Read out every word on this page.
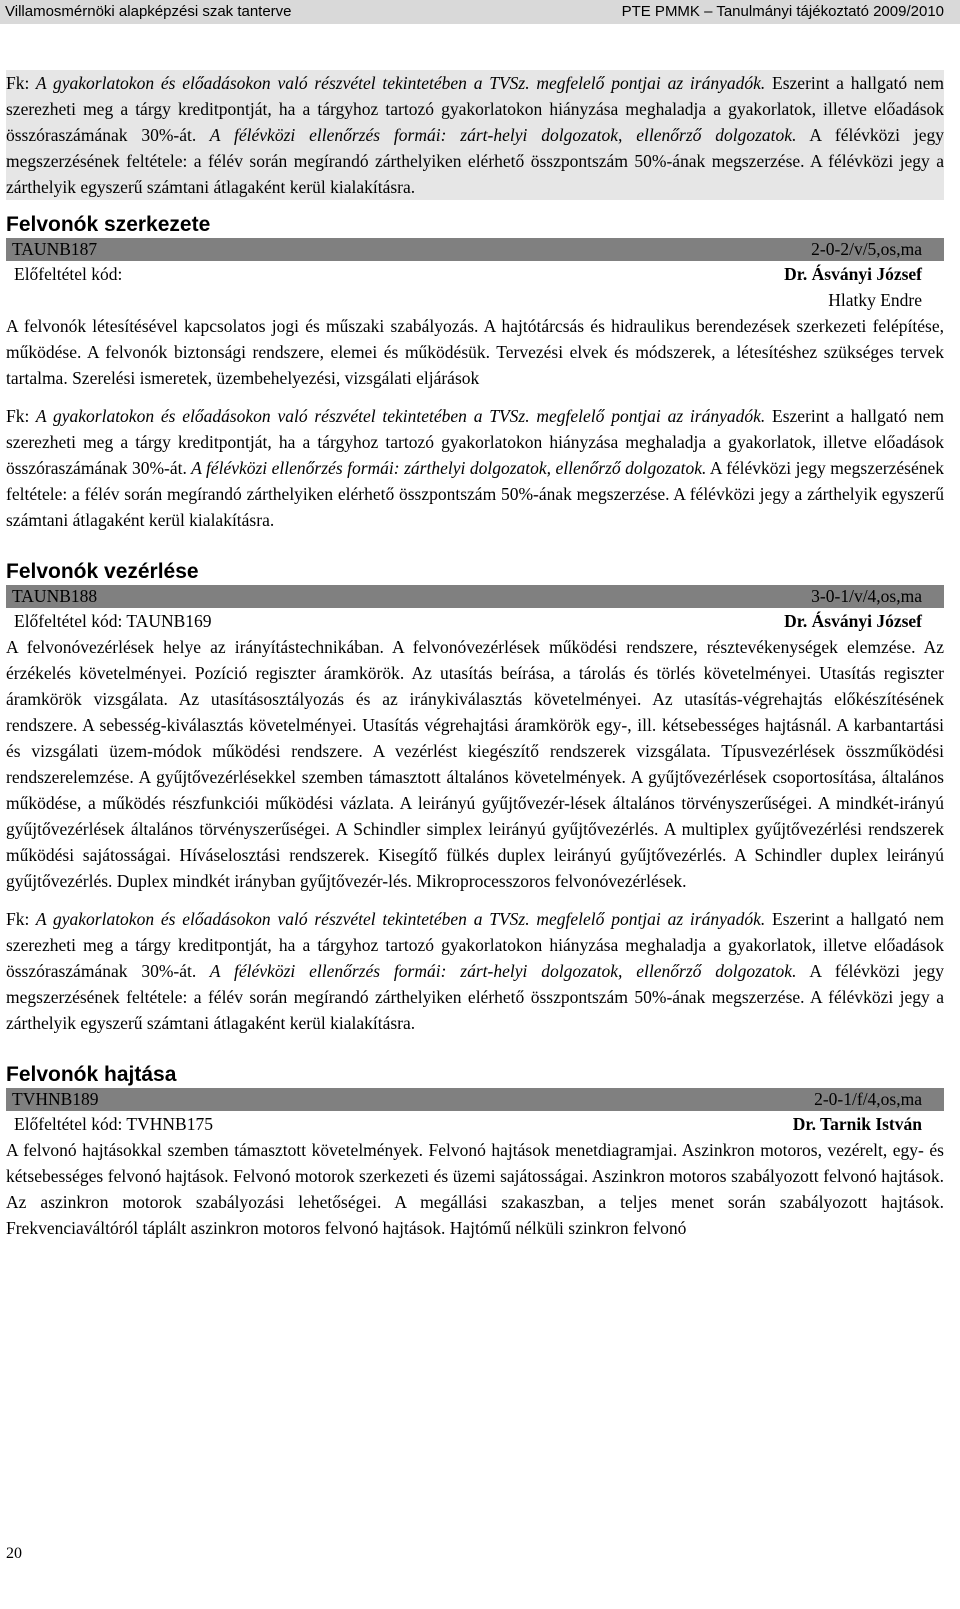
Villamosmérnöki alapképzési szak tanterve	PTE PMMK – Tanulmányi tájékoztató 2009/2010

Fk: A gyakorlatokon és előadásokon való részvétel tekintetében a TVSz. megfelelő pontjai az irányadók. Eszerint a hallgató nem szerezheti meg a tárgy kreditpontját, ha a tárgyhoz tartozó gyakorlatokon hiányzása meghaladja a gyakorlatok, illetve előadások összóraszámának 30%-át. A félévközi ellenőrzés formái: zárt-helyi dolgozatok, ellenőrző dolgozatok. A félévközi jegy megszerzésének feltétele: a félév során megírandó zárthelyiken elérhető összpontszám 50%-ának megszerzése. A félévközi jegy a zárthelyik egyszerű számtani átlagaként kerül kialakításra.

Felvonók szerkezete
TAUNB187	2-0-2/v/5,os,ma
Előfeltétel kód:	Dr. Ásványi József
Hlatky Endre

A felvonók létesítésével kapcsolatos jogi és műszaki szabályozás. A hajtótárcsás és hidraulikus berendezések szerkezeti felépítése, működése. A felvonók biztonsági rendszere, elemei és működésük. Tervezési elvek és módszerek, a létesítéshez szükséges tervek tartalma. Szerelési ismeretek, üzembehelyezési, vizsgálati eljárások

Fk: A gyakorlatokon és előadásokon való részvétel tekintetében a TVSz. megfelelő pontjai az irányadók. Eszerint a hallgató nem szerezheti meg a tárgy kreditpontját, ha a tárgyhoz tartozó gyakorlatokon hiányzása meghaladja a gyakorlatok, illetve előadások összóraszámának 30%-át. A félévközi ellenőrzés formái: zárthelyi dolgozatok, ellenőrző dolgozatok. A félévközi jegy megszerzésének feltétele: a félév során megírandó zárthelyiken elérhető összpontszám 50%-ának megszerzése. A félévközi jegy a zárthelyik egyszerű számtani átlagaként kerül kialakításra.

Felvonók vezérlése
TAUNB188	3-0-1/v/4,os,ma
Előfeltétel kód: TAUNB169	Dr. Ásványi József

A felvonóvezérlések helye az irányítástechnikában. A felvonóvezérlések működési rendszere, résztevékenységek elemzése. Az érzékelés követelményei. Pozíció regiszter áramkörök. Az utasítás beírása, a tárolás és törlés követelményei. Utasítás regiszter áramkörök vizsgálata. Az utasításosztályozás és az iránykiválasztás követelményei. Az utasítás-végrehajtás előkészítésének rendszere. A sebesség-kiválasztás követelményei. Utasítás végrehajtási áramkörök egy-, ill. kétsebességes hajtásnál. A karbantartási és vizsgálati üzem-módok működési rendszere. A vezérlést kiegészítő rendszerek vizsgálata. Típusvezérlések összműködési rendszerelemzése. A gyűjtővezérlésekkel szemben támasztott általános követelmények. A gyűjtővezérlések csoportosítása, általános működése, a működés részfunkciói működési vázlata. A leirányú gyűjtővezér-lések általános törvényszerűségei. A mindkét-irányú gyűjtővezérlések általános törvényszerűségei. A Schindler simplex leirányú gyűjtővezérlés. A multiplex gyűjtővezérlési rendszerek működési sajátosságai. Híváselosztási rendszerek. Kisegítő fülkés duplex leirányú gyűjtővezérlés. A Schindler duplex leirányú gyűjtővezérlés. Duplex mindkét irányban gyűjtővezér-lés. Mikroprocesszoros felvonóvezérlések.

Fk: A gyakorlatokon és előadásokon való részvétel tekintetében a TVSz. megfelelő pontjai az irányadók. Eszerint a hallgató nem szerezheti meg a tárgy kreditpontját, ha a tárgyhoz tartozó gyakorlatokon hiányzása meghaladja a gyakorlatok, illetve előadások összóraszámának 30%-át. A félévközi ellenőrzés formái: zárt-helyi dolgozatok, ellenőrző dolgozatok. A félévközi jegy megszerzésének feltétele: a félév során megírandó zárthelyiken elérhető összpontszám 50%-ának megszerzése. A félévközi jegy a zárthelyik egyszerű számtani átlagaként kerül kialakításra.

Felvonók hajtása
TVHNB189	2-0-1/f/4,os,ma
Előfeltétel kód: TVHNB175	Dr. Tarnik István

A felvonó hajtásokkal szemben támasztott követelmények. Felvonó hajtások menetdiagramjai. Aszinkron motoros, vezérelt, egy- és kétsebességes felvonó hajtások. Felvonó motorok szerkezeti és üzemi sajátosságai. Aszinkron motoros szabályozott felvonó hajtások. Az aszinkron motorok szabályozási lehetőségei. A megállási szakaszban, a teljes menet során szabályozott hajtások. Frekvenciaváltóról táplált aszinkron motoros felvonó hajtások. Hajtómű nélküli szinkron felvonó

20
